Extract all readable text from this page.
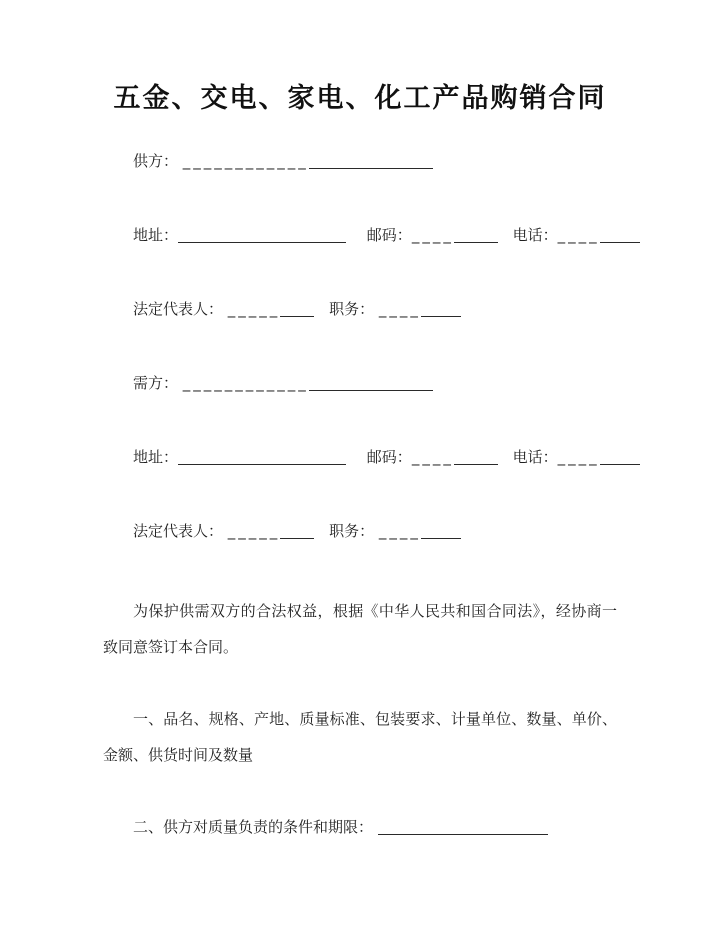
五金、交电、家电、化工产品购销合同
供方： ____________
地址：	邮码：____	电话：____
法定代表人： _____	职务： ____
需方： ____________
地址：	邮码：____	电话：____
法定代表人： _____	职务： ____

为保护供需双方的合法权益，根据《中华人民共和国合同法》，经协商一致同意签订本合同。

一、品名、规格、产地、质量标准、包装要求、计量单位、数量、单价、金额、供货时间及数量

二、供方对质量负责的条件和期限：
